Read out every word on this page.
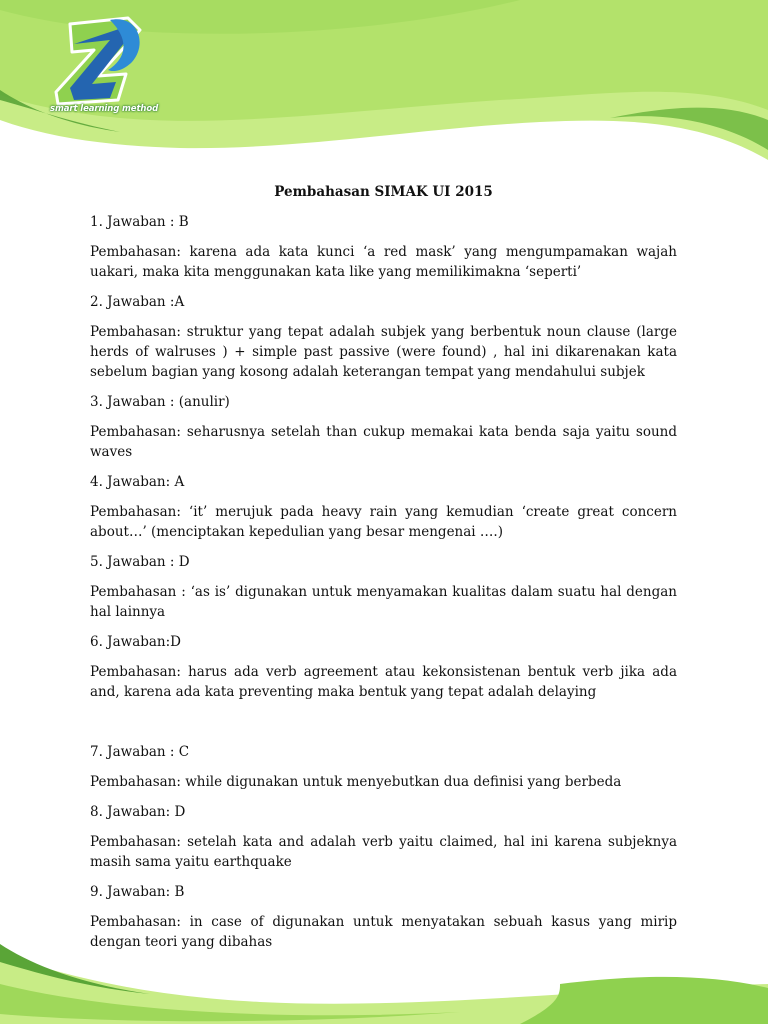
smart learning method

Pembahasan SIMAK UI 2015

1. Jawaban : B

Pembahasan: karena ada kata kunci ‘a red mask’ yang mengumpamakan wajah uakari, maka kita menggunakan kata like yang memilikimakna ‘seperti’

2. Jawaban :A

Pembahasan: struktur yang tepat adalah subjek yang berbentuk noun clause (large herds of walruses ) + simple past passive (were found) , hal ini dikarenakan kata sebelum bagian yang kosong adalah keterangan tempat yang mendahului subjek

3. Jawaban : (anulir)

Pembahasan: seharusnya setelah than cukup memakai kata benda saja yaitu sound waves

4. Jawaban: A

Pembahasan: ‘it’ merujuk pada heavy rain yang kemudian ‘create great concern about…’ (menciptakan kepedulian yang besar mengenai ….)

5. Jawaban : D

Pembahasan : ‘as is’ digunakan untuk menyamakan kualitas dalam suatu hal dengan hal lainnya

6. Jawaban:D

Pembahasan: harus ada verb agreement atau kekonsistenan bentuk verb jika ada and, karena ada kata preventing maka bentuk yang tepat adalah delaying

7. Jawaban : C

Pembahasan: while digunakan untuk menyebutkan dua definisi yang berbeda

8. Jawaban: D

Pembahasan: setelah kata and adalah verb yaitu claimed, hal ini karena subjeknya masih sama yaitu earthquake

9. Jawaban: B

Pembahasan: in case of digunakan untuk menyatakan sebuah kasus yang mirip dengan teori yang dibahas
